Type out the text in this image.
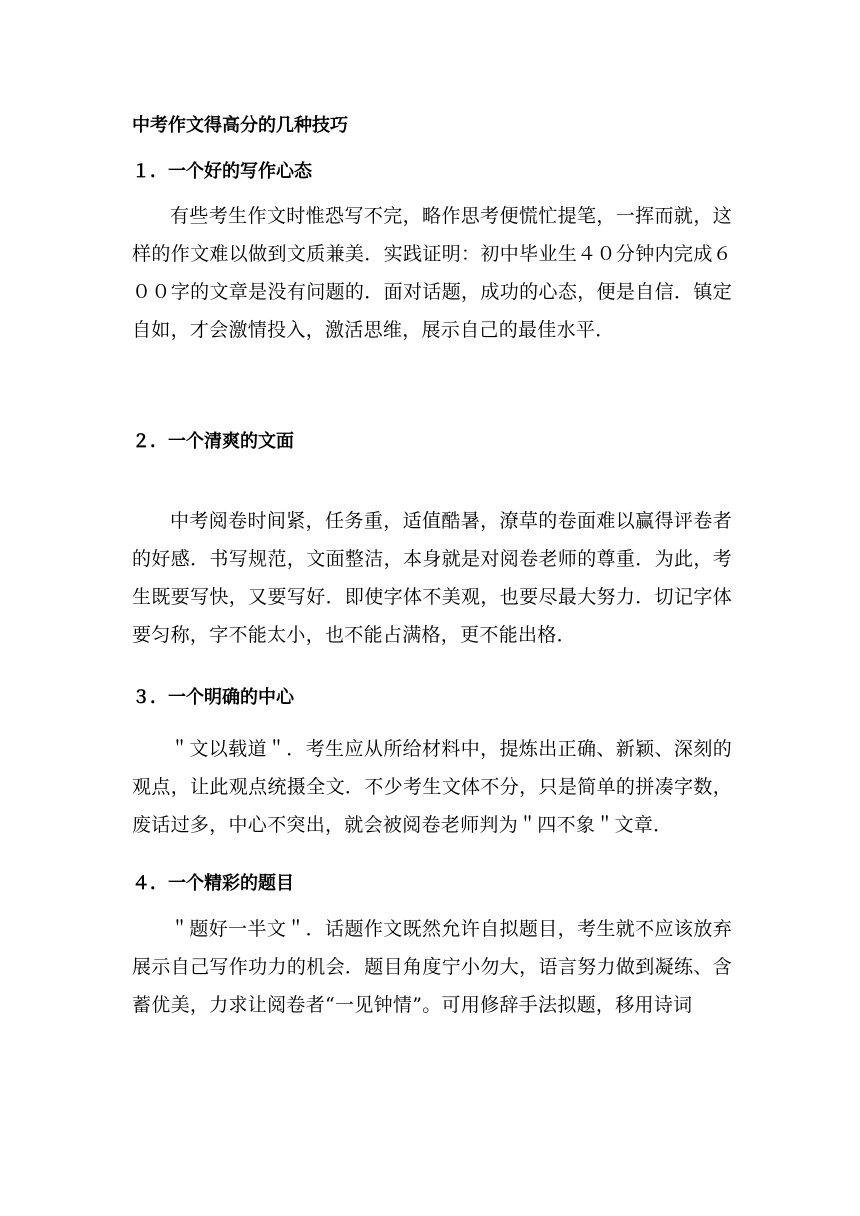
中考作文得高分的几种技巧
１．一个好的写作心态
有些考生作文时惟恐写不完，略作思考便慌忙提笔，一挥而就，这样的作文难以做到文质兼美．实践证明：初中毕业生４０分钟内完成６００字的文章是没有问题的．面对话题，成功的心态，便是自信．镇定自如，才会激情投入，激活思维，展示自己的最佳水平．
２．一个清爽的文面
中考阅卷时间紧，任务重，适值酷暑，潦草的卷面难以赢得评卷者的好感．书写规范，文面整洁，本身就是对阅卷老师的尊重．为此，考生既要写快，又要写好．即使字体不美观，也要尽最大努力．切记字体要匀称，字不能太小，也不能占满格，更不能出格．
３．一个明确的中心
＂文以载道＂．考生应从所给材料中，提炼出正确、新颖、深刻的观点，让此观点统摄全文．不少考生文体不分，只是简单的拼凑字数，废话过多，中心不突出，就会被阅卷老师判为＂四不象＂文章．
４．一个精彩的题目
＂题好一半文＂．话题作文既然允许自拟题目，考生就不应该放弃展示自己写作功力的机会．题目角度宁小勿大，语言努力做到凝练、含蓄优美，力求让阅卷者“一见钟情”。可用修辞手法拟题，移用诗词
